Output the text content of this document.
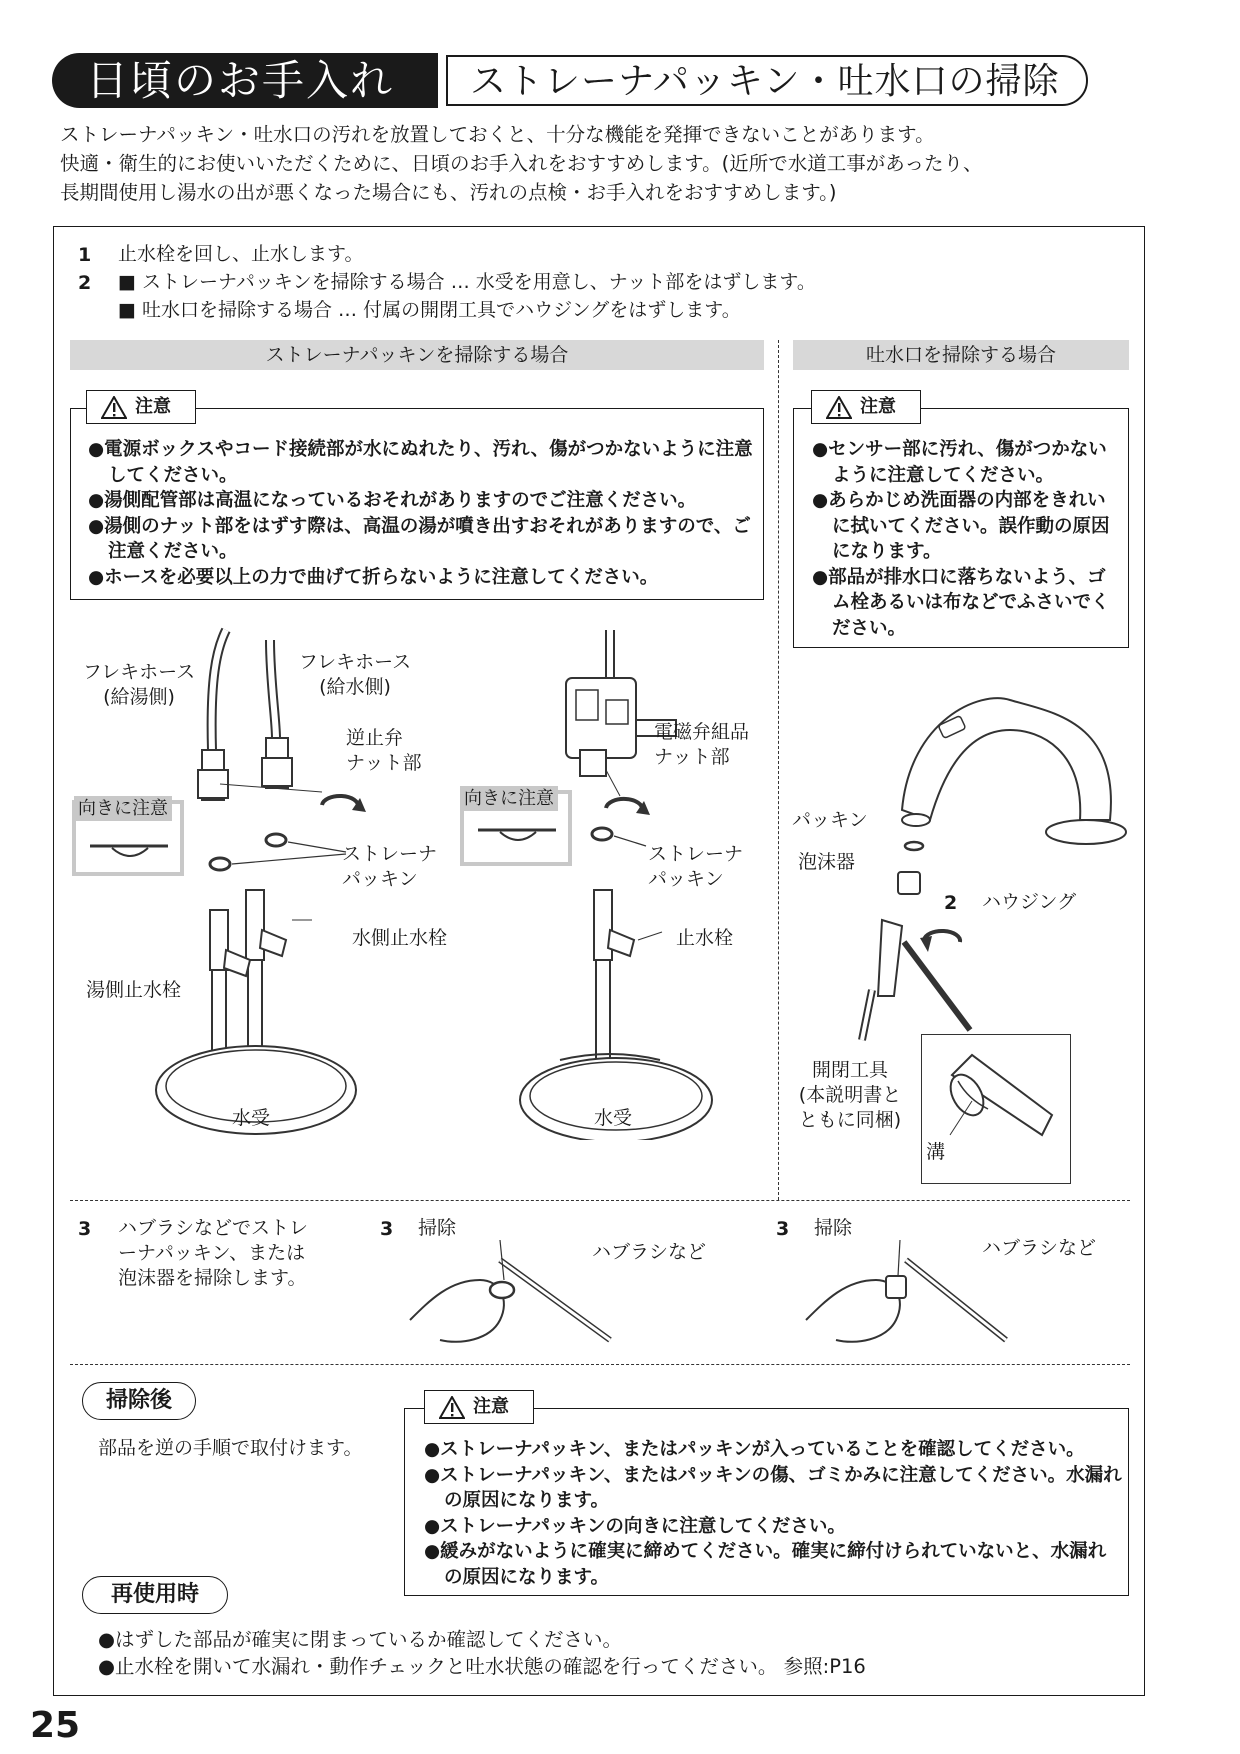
日頃のお手入れ	ストレーナパッキン・吐水口の掃除
ストレーナパッキン・吐水口の汚れを放置しておくと、十分な機能を発揮できないことがあります。
快適・衛生的にお使いいただくために、日頃のお手入れをおすすめします。(近所で水道工事があったり、
長期間使用し湯水の出が悪くなった場合にも、汚れの点検・お手入れをおすすめします。)
1 止水栓を回し、止水します。
2 ■ ストレーナパッキンを掃除する場合 … 水受を用意し、ナット部をはずします。
■ 吐水口を掃除する場合 … 付属の開閉工具でハウジングをはずします。
ストレーナパッキンを掃除する場合	吐水口を掃除する場合
注意
●電源ボックスやコード接続部が水にぬれたり、汚れ、傷がつかないように注意してください。
●湯側配管部は高温になっているおそれがありますのでご注意ください。
●湯側のナット部をはずす際は、高温の湯が噴き出すおそれがありますので、ご注意ください。
●ホースを必要以上の力で曲げて折らないように注意してください。
注意
●センサー部に汚れ、傷がつかないように注意してください。
●あらかじめ洗面器の内部をきれいに拭いてください。誤作動の原因になります。
●部品が排水口に落ちないよう、ゴム栓あるいは布などでふさいでください。
向きに注意
フレキホース
(給湯側)
フレキホース
(給水側)
逆止弁
ナット部
ストレーナ
パッキン
水側止水栓
湯側止水栓
水受
向きに注意
電磁弁組品
ナット部
ストレーナ
パッキン
止水栓
水受
パッキン
泡沫器
2 ハウジング
開閉工具
(本説明書と
ともに同梱)
溝
3 ハブラシなどでストレ
ーナパッキン、または
泡沫器を掃除します。
3 掃除
ハブラシなど
3 掃除
ハブラシなど
掃除後
部品を逆の手順で取付けます。
注意
●ストレーナパッキン、またはパッキンが入っていることを確認してください。
●ストレーナパッキン、またはパッキンの傷、ゴミかみに注意してください。水漏れの原因になります。
●ストレーナパッキンの向きに注意してください。
●緩みがないように確実に締めてください。確実に締付けられていないと、水漏れの原因になります。
再使用時
●はずした部品が確実に閉まっているか確認してください。
●止水栓を開いて水漏れ・動作チェックと吐水状態の確認を行ってください。 参照:P16
25
